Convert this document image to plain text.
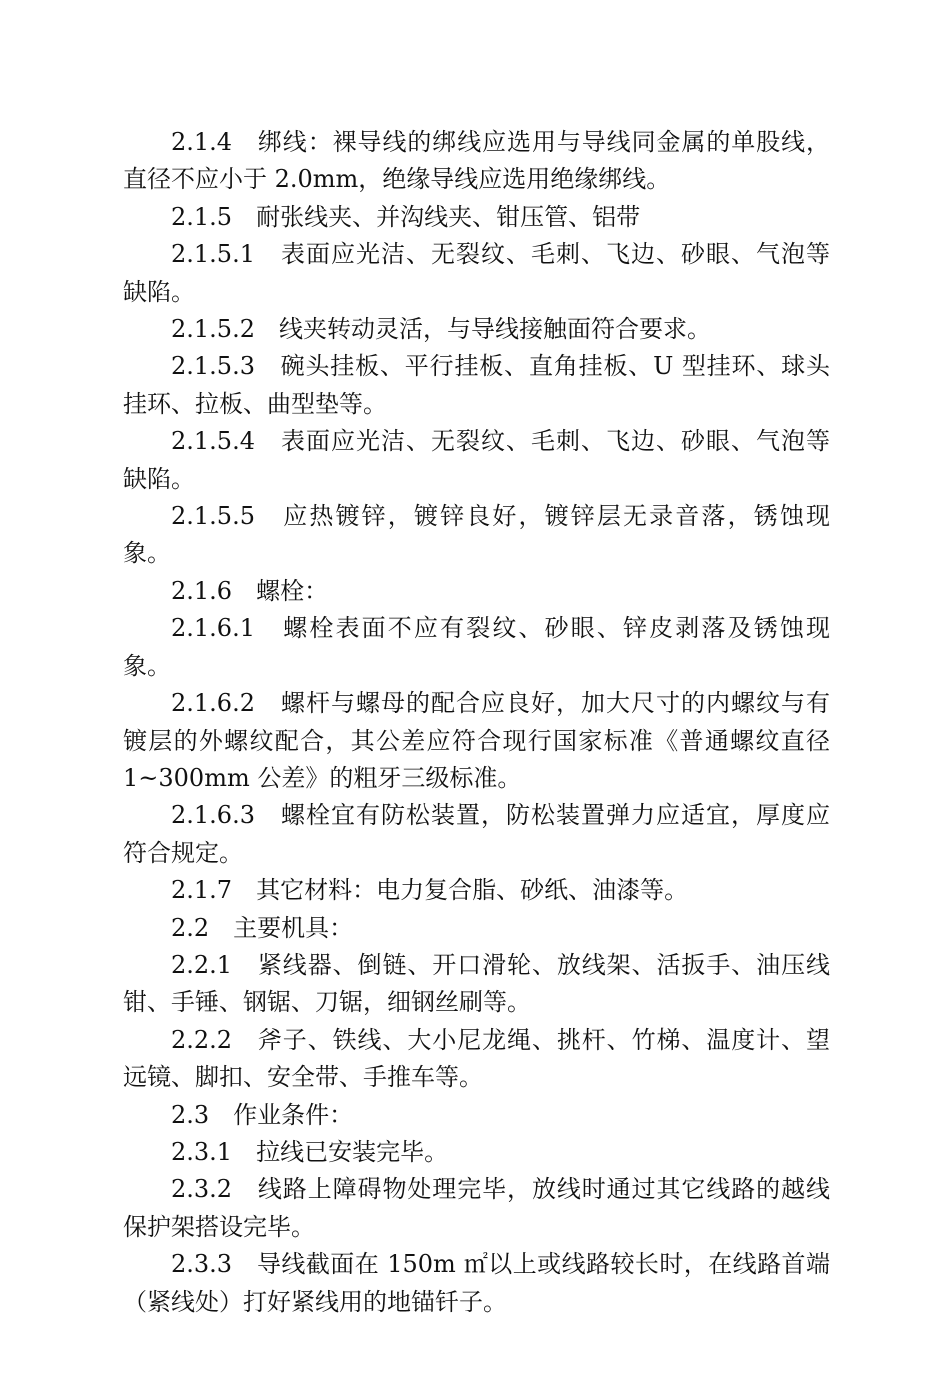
2.1.4　绑线：裸导线的绑线应选用与导线同金属的单股线，直径不应小于 2.0mm，绝缘导线应选用绝缘绑线。

2.1.5　耐张线夹、并沟线夹、钳压管、铝带

2.1.5.1　表面应光洁、无裂纹、毛刺、飞边、砂眼、气泡等缺陷。

2.1.5.2　线夹转动灵活，与导线接触面符合要求。

2.1.5.3　碗头挂板、平行挂板、直角挂板、U 型挂环、球头挂环、拉板、曲型垫等。

2.1.5.4　表面应光洁、无裂纹、毛刺、飞边、砂眼、气泡等缺陷。

2.1.5.5　应热镀锌，镀锌良好，镀锌层无录音落，锈蚀现象。

2.1.6　螺栓：

2.1.6.1　螺栓表面不应有裂纹、砂眼、锌皮剥落及锈蚀现象。

2.1.6.2　螺杆与螺母的配合应良好，加大尺寸的内螺纹与有镀层的外螺纹配合，其公差应符合现行国家标准《普通螺纹直径 1~300mm 公差》的粗牙三级标准。

2.1.6.3　螺栓宜有防松装置，防松装置弹力应适宜，厚度应符合规定。

2.1.7　其它材料：电力复合脂、砂纸、油漆等。

2.2　主要机具：

2.2.1　紧线器、倒链、开口滑轮、放线架、活扳手、油压线钳、手锤、钢锯、刀锯，细钢丝刷等。

2.2.2　斧子、铁线、大小尼龙绳、挑杆、竹梯、温度计、望远镜、脚扣、安全带、手推车等。

2.3　作业条件：

2.3.1　拉线已安装完毕。

2.3.2　线路上障碍物处理完毕，放线时通过其它线路的越线保护架搭设完毕。

2.3.3　导线截面在 150m ㎡以上或线路较长时，在线路首端（紧线处）打好紧线用的地锚钎子。
